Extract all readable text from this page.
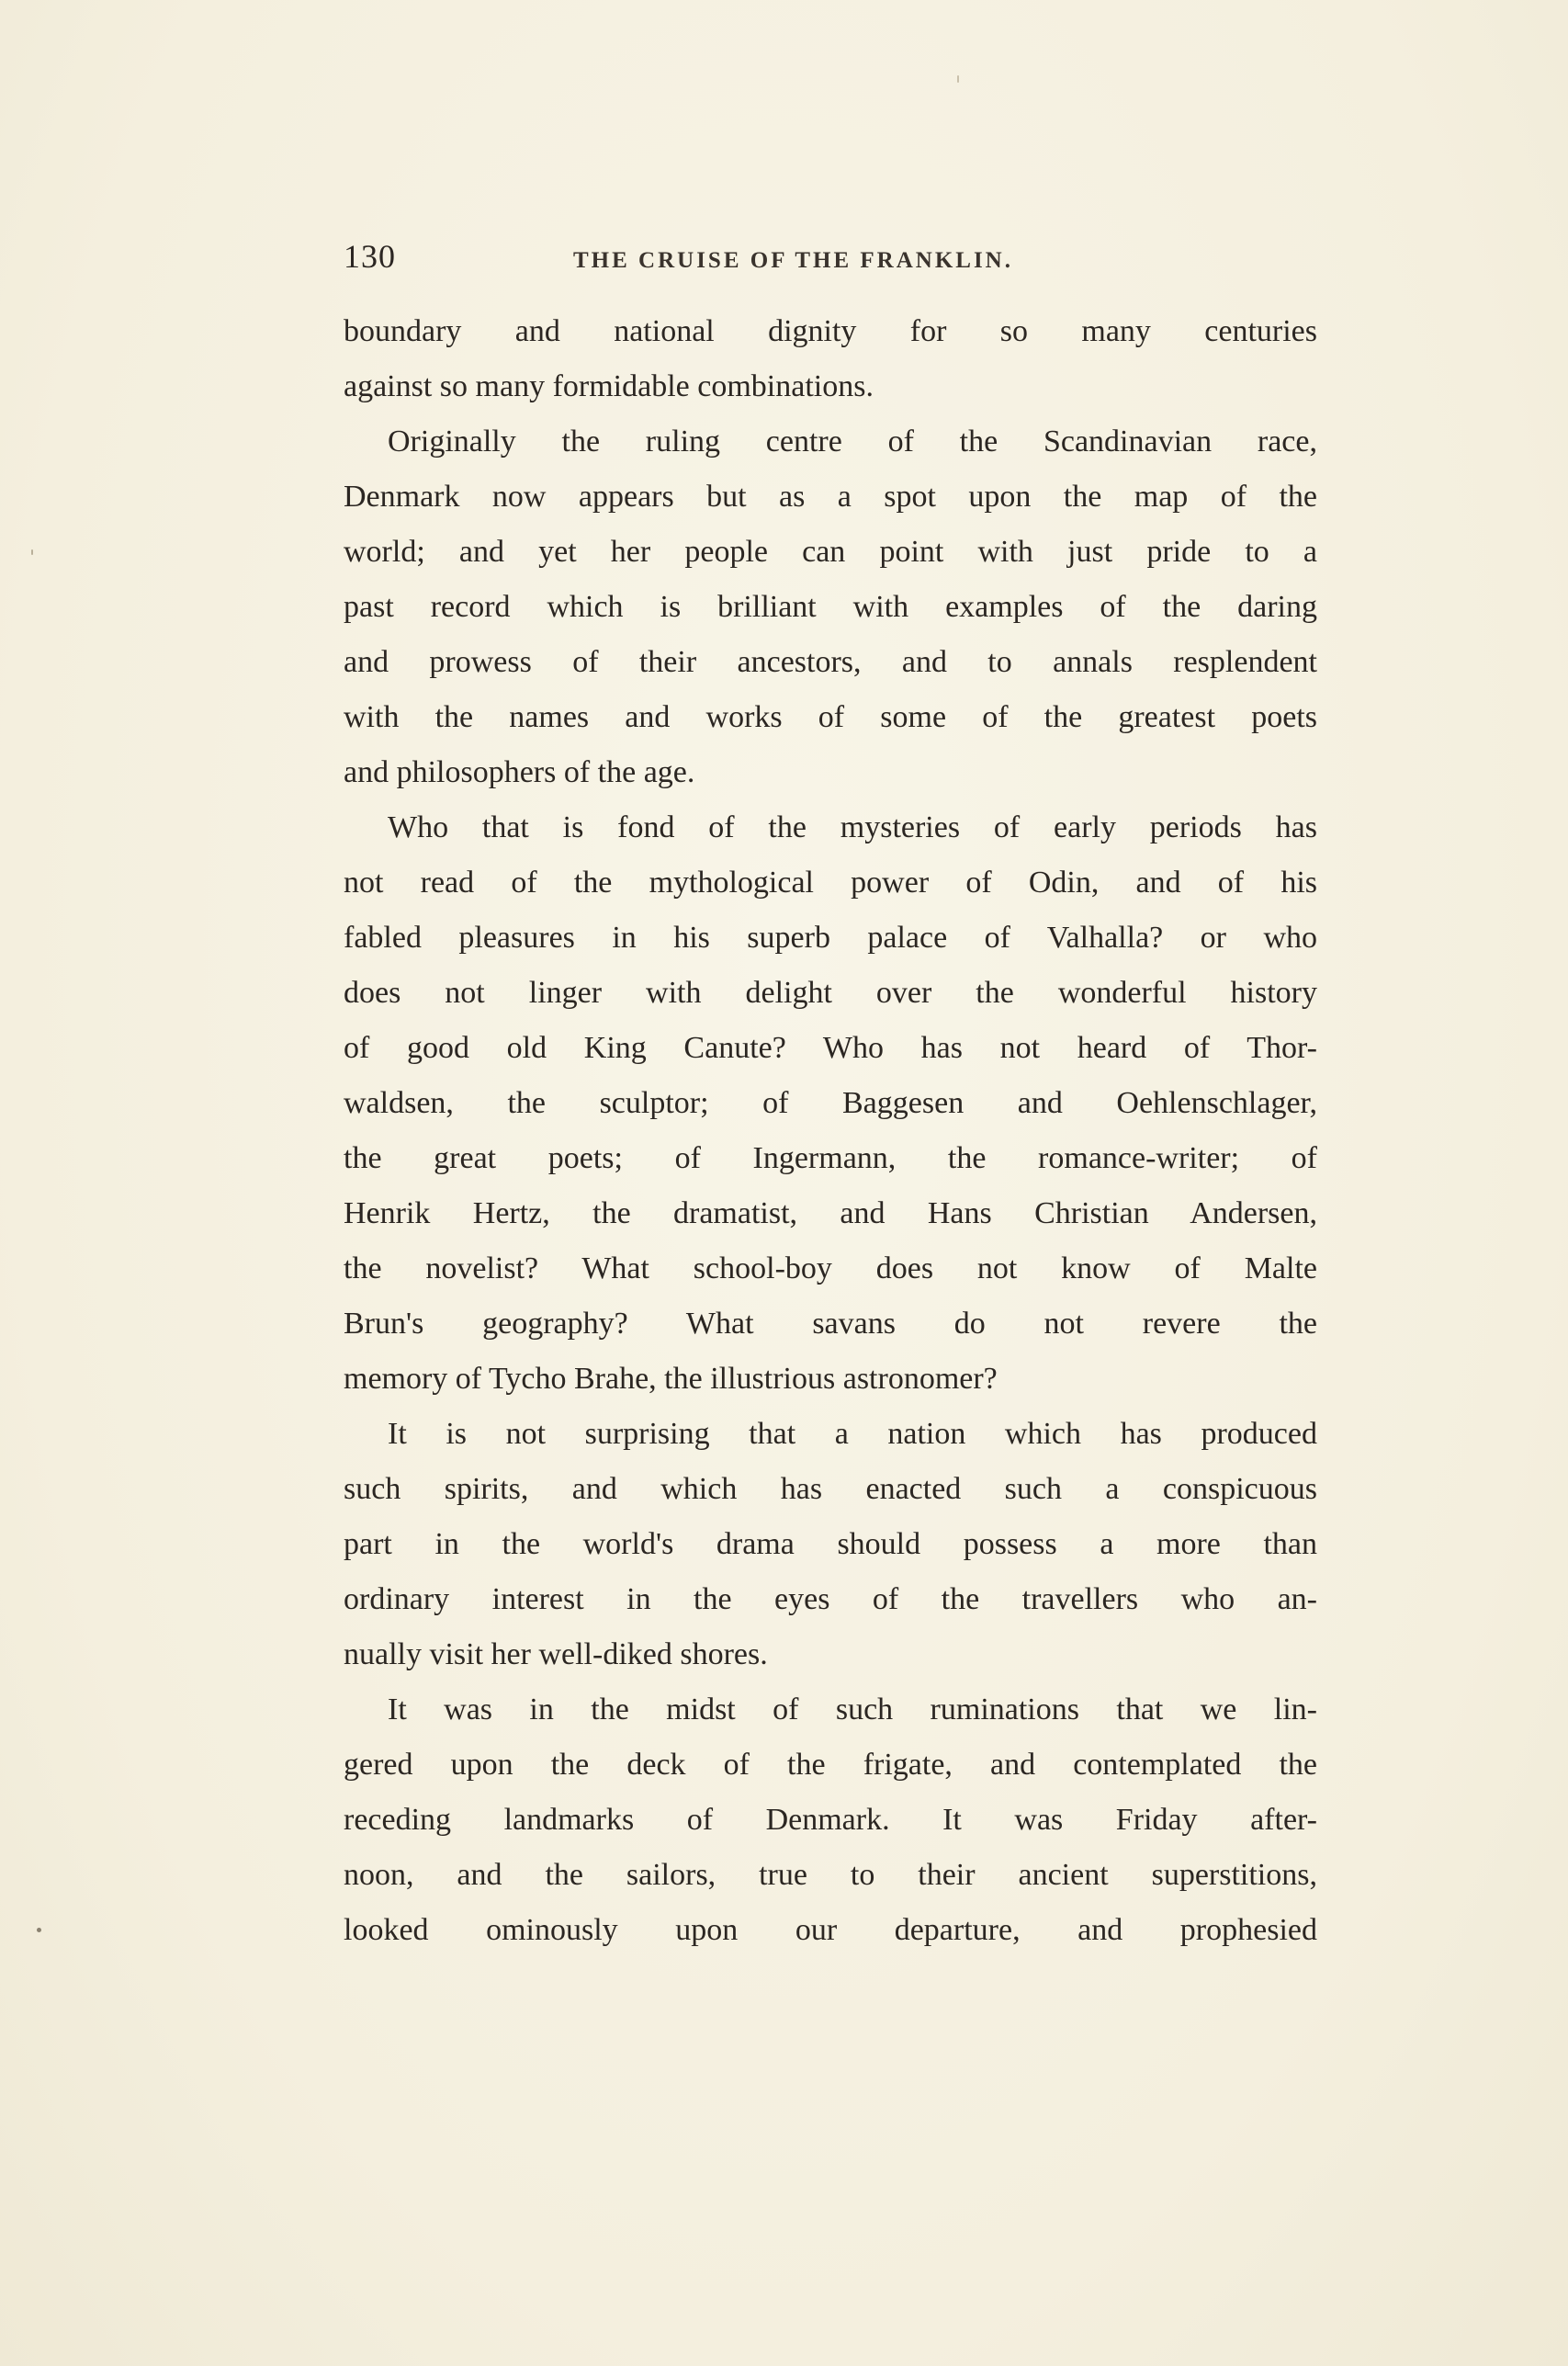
130	THE CRUISE OF THE FRANKLIN.
boundary and national dignity for so many centuries
against so many formidable combinations.
Originally the ruling centre of the Scandinavian race,
Denmark now appears but as a spot upon the map of the
world; and yet her people can point with just pride to a
past record which is brilliant with examples of the daring
and prowess of their ancestors, and to annals resplendent
with the names and works of some of the greatest poets
and philosophers of the age.
Who that is fond of the mysteries of early periods has
not read of the mythological power of Odin, and of his
fabled pleasures in his superb palace of Valhalla? or who
does not linger with delight over the wonderful history
of good old King Canute? Who has not heard of Thor-
waldsen, the sculptor; of Baggesen and Oehlenschlager,
the great poets; of Ingermann, the romance-writer; of
Henrik Hertz, the dramatist, and Hans Christian Andersen,
the novelist? What school-boy does not know of Malte
Brun's geography? What savans do not revere the
memory of Tycho Brahe, the illustrious astronomer?
It is not surprising that a nation which has produced
such spirits, and which has enacted such a conspicuous
part in the world's drama should possess a more than
ordinary interest in the eyes of the travellers who an-
nually visit her well-diked shores.
It was in the midst of such ruminations that we lin-
gered upon the deck of the frigate, and contemplated the
receding landmarks of Denmark. It was Friday after-
noon, and the sailors, true to their ancient superstitions,
looked ominously upon our departure, and prophesied
